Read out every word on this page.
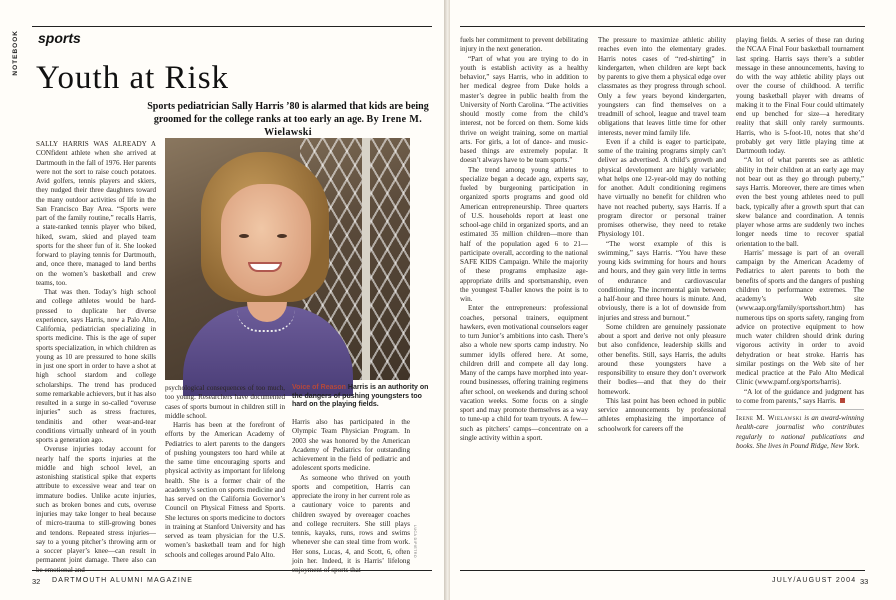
NOTEBOOK	sports
Youth at Risk
Sports pediatrician Sally Harris ’80 is alarmed that kids are being groomed for the college ranks at too early an age. By Irene M. Wielawski

SALLY HARRIS WAS ALREADY A CONfident athlete when she arrived at Dartmouth in the fall of 1976. Her parents were not the sort to raise couch potatoes. Avid golfers, tennis players and skiers, they nudged their three daughters toward the many outdoor activities of life in the San Francisco Bay Area. “Sports were part of the family routine,” recalls Harris, a state-ranked tennis player who biked, hiked, swam, skied and played team sports for the sheer fun of it. She looked forward to playing tennis for Dartmouth, and, once there, managed to land berths on the women’s basketball and crew teams, too.

That was then. Today’s high school and college athletes would be hard-pressed to duplicate her diverse experience, says Harris, now a Palo Alto, California, pediatrician specializing in sports medicine. This is the age of super sports specialization, in which children as young as 10 are pressured to hone skills in just one sport in order to have a shot at high school stardom and college scholarships. The trend has produced some remarkable achievers, but it has also resulted in a surge in so-called “overuse injuries” such as stress fractures, tendinitis and other wear-and-tear conditions virtually unheard of in youth sports a generation ago.

Overuse injuries today account for nearly half the sports injuries at the middle and high school level, an astonishing statistical spike that experts attribute to excessive wear and tear on immature bodies. Unlike acute injuries, such as broken bones and cuts, overuse injuries may take longer to heal because of micro-trauma to still-growing bones and tendons. Repeated stress injuries—say to a young pitcher’s throwing arm or a soccer player’s knee—can result in permanent joint damage. There also can be emotional and

psychological consequences of too much, too young. Researchers have documented cases of sports burnout in children still in middle school.

Harris has been at the forefront of efforts by the American Academy of Pediatrics to alert parents to the dangers of pushing youngsters too hard while at the same time encouraging sports and physical activity as important for lifelong health. She is a former chair of the academy’s section on sports medicine and has served on the California Governor’s Council on Physical Fitness and Sports. She lectures on sports medicine to doctors in training at Stanford University and has served as team physician for the U.S. women’s basketball team and for high schools and colleges around Palo Alto.

Voice of Reason Harris is an authority on the dangers of pushing youngsters too hard on the playing fields.

Harris also has participated in the Olympic Team Physician Program. In 2003 she was honored by the American Academy of Pediatrics for outstanding achievement in the field of pediatric and adolescent sports medicine.

As someone who thrived on youth sports and competition, Harris can appreciate the irony in her current role as a cautionary voice to parents and children swayed by overeager coaches and college recruiters. She still plays tennis, kayaks, runs, rows and swims whenever she can steal time from work. Her sons, Lucas, 4, and Scott, 6, often join her. Indeed, it is Harris’ lifelong enjoyment of sports that

LUCA DIPIETRO
32 DARTMOUTH ALUMNI MAGAZINE

fuels her commitment to prevent debilitating injury in the next generation.

“Part of what you are trying to do in youth is establish activity as a healthy behavior,” says Harris, who in addition to her medical degree from Duke holds a master’s degree in public health from the University of North Carolina. “The activities should mostly come from the child’s interest, not be forced on them. Some kids thrive on weight training, some on martial arts. For girls, a lot of dance- and music-based things are extremely popular. It doesn’t always have to be team sports.”

The trend among young athletes to specialize began a decade ago, experts say, fueled by burgeoning participation in organized sports programs and good old American entrepreneurship. Three quarters of U.S. households report at least one school-age child in organized sports, and an estimated 35 million children—more than half of the population aged 6 to 21—participate overall, according to the national SAFE KIDS Campaign. While the majority of these programs emphasize age-appropriate drills and sportsmanship, even the youngest T-baller knows the point is to win.

Enter the entrepreneurs: professional coaches, personal trainers, equipment hawkers, even motivational counselors eager to turn Junior’s ambitions into cash. There’s also a whole new sports camp industry. No summer idylls offered here. At some, children drill and compete all day long. Many of the camps have morphed into year-round businesses, offering training regimens after school, on weekends and during school vacation weeks. Some focus on a single sport and may promote themselves as a way to tune-up a child for team tryouts. A few—such as pitchers’ camps—concentrate on a single activity within a sport.

The pressure to maximize athletic ability reaches even into the elementary grades. Harris notes cases of “red-shirting” in kindergarten, when children are kept back by parents to give them a physical edge over classmates as they progress through school. Only a few years beyond kindergarten, youngsters can find themselves on a treadmill of school, league and travel team obligations that leaves little time for other interests, never mind family life.

Even if a child is eager to participate, some of the training programs simply can’t deliver as advertised. A child’s growth and physical development are highly variable; what helps one 12-year-old may do nothing for another. Adult conditioning regimens have virtually no benefit for children who have not reached puberty, says Harris. If a program director or personal trainer promises otherwise, they need to retake Physiology 101.

“The worst example of this is swimming,” says Harris. “You have these young kids swimming for hours and hours and hours, and they gain very little in terms of endurance and cardiovascular conditioning. The incremental gain between a half-hour and three hours is minute. And, obviously, there is a lot of downside from injuries and stress and burnout.”

Some children are genuinely passionate about a sport and derive not only pleasure but also confidence, leadership skills and other benefits. Still, says Harris, the adults around these youngsters have a responsibility to ensure they don’t overwork their bodies—and that they do their homework.

This last point has been echoed in public service announcements by professional athletes emphasizing the importance of schoolwork for careers off the

playing fields. A series of these ran during the NCAA Final Four basketball tournament last spring. Harris says there’s a subtler message in these announcements, having to do with the way athletic ability plays out over the course of childhood. A terrific young basketball player with dreams of making it to the Final Four could ultimately end up benched for size—a hereditary reality that skill only rarely surmounts. Harris, who is 5-foot-10, notes that she’d probably get very little playing time at Dartmouth today.

“A lot of what parents see as athletic ability in their children at an early age may not bear out as they go through puberty,” says Harris. Moreover, there are times when even the best young athletes need to pull back, typically after a growth spurt that can skew balance and coordination. A tennis player whose arms are suddenly two inches longer needs time to recover spatial orientation to the ball.

Harris’ message is part of an overall campaign by the American Academy of Pediatrics to alert parents to both the benefits of sports and the dangers of pushing children to performance extremes. The academy’s Web site (www.aap.org/family/sportsshort.htm) has numerous tips on sports safety, ranging from advice on protective equipment to how much water children should drink during vigorous activity in order to avoid dehydration or heat stroke. Harris has similar postings on the Web site of her medical practice at the Palo Alto Medical Clinic (www.pamf.org/sports/harris).

“A lot of the guidance and judgment has to come from parents,” says Harris.

Irene M. Wielawski is an award-winning health-care journalist who contributes regularly to national publications and books. She lives in Pound Ridge, New York.
JULY/AUGUST 2004 33
